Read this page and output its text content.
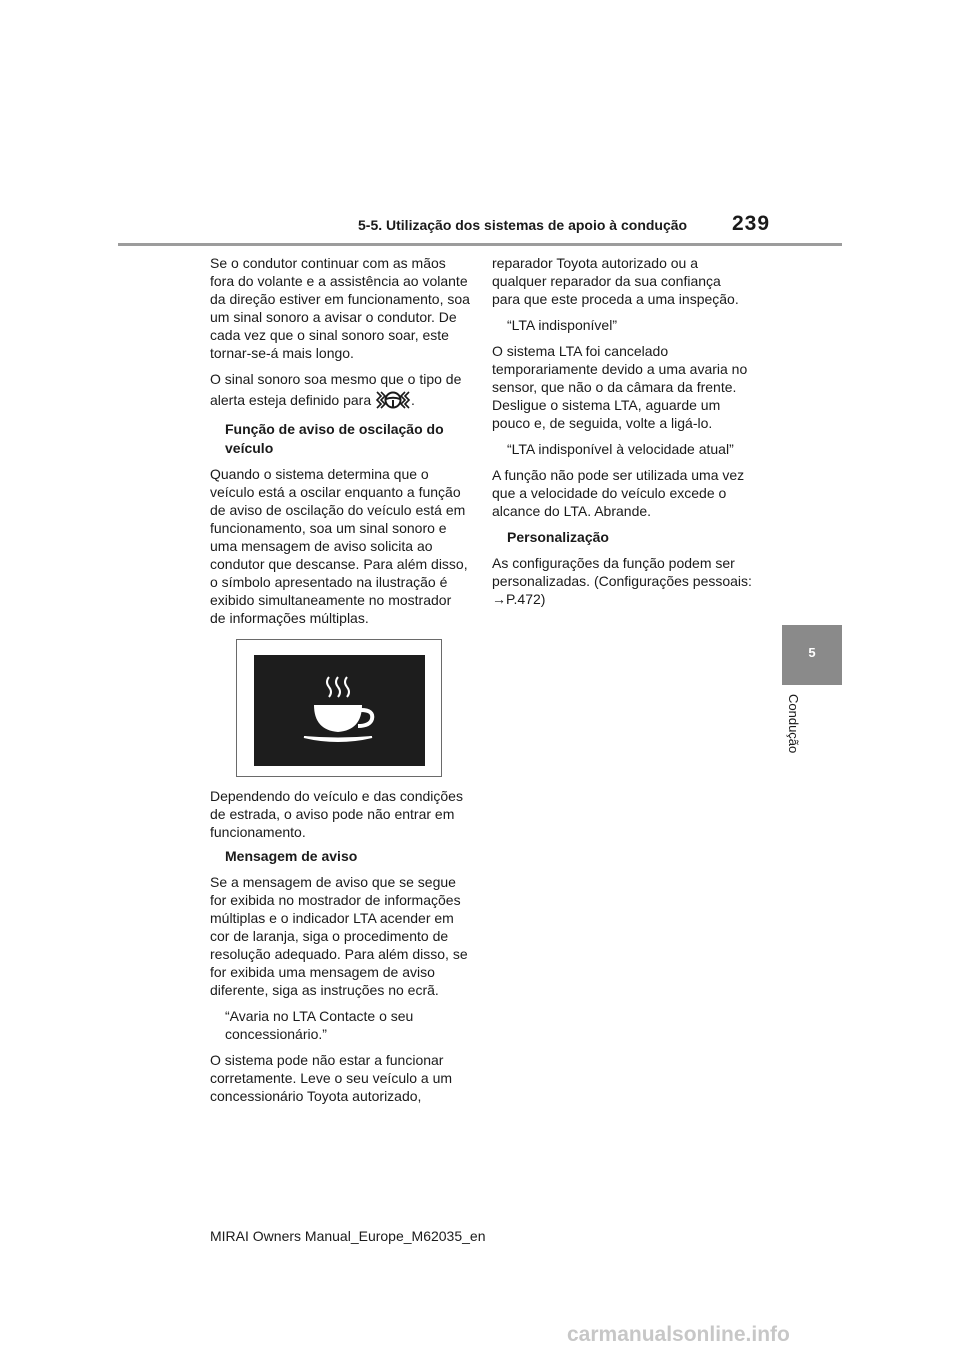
5-5. Utilização dos sistemas de apoio à condução 239
5
Condução

Se o condutor continuar com as mãos fora do volante e a assistência ao volante da direção estiver em funcionamento, soa um sinal sonoro a avisar o condutor. De cada vez que o sinal sonoro soar, este tornar-se-á mais longo.

O sinal sonoro soa mesmo que o tipo de alerta esteja definido para	.

Função de aviso de oscilação do veículo

Quando o sistema determina que o veículo está a oscilar enquanto a função de aviso de oscilação do veículo está em funcionamento, soa um sinal sonoro e uma mensagem de aviso solicita ao condutor que descanse. Para além disso, o símbolo apresentado na ilustração é exibido simultaneamente no mostrador de informações múltiplas.

Dependendo do veículo e das condições de estrada, o aviso pode não entrar em funcionamento.

Mensagem de aviso

Se a mensagem de aviso que se segue for exibida no mostrador de informações múltiplas e o indicador LTA acender em cor de laranja, siga o procedimento de resolução adequado. Para além disso, se for exibida uma mensagem de aviso diferente, siga as instruções no ecrã.

“Avaria no LTA Contacte o seu concessionário.”

O sistema pode não estar a funcionar corretamente. Leve o seu veículo a um concessionário Toyota autorizado,

reparador Toyota autorizado ou a qualquer reparador da sua confiança para que este proceda a uma inspeção.

“LTA indisponível”

O sistema LTA foi cancelado temporariamente devido a uma avaria no sensor, que não o da câmara da frente. Desligue o sistema LTA, aguarde um pouco e, de seguida, volte a ligá-lo.

“LTA indisponível à velocidade atual”

A função não pode ser utilizada uma vez que a velocidade do veículo excede o alcance do LTA. Abrande.

Personalização

As configurações da função podem ser personalizadas. (Configurações pessoais: →P.472)

MIRAI Owners Manual_Europe_M62035_en
carmanualsonline.info
